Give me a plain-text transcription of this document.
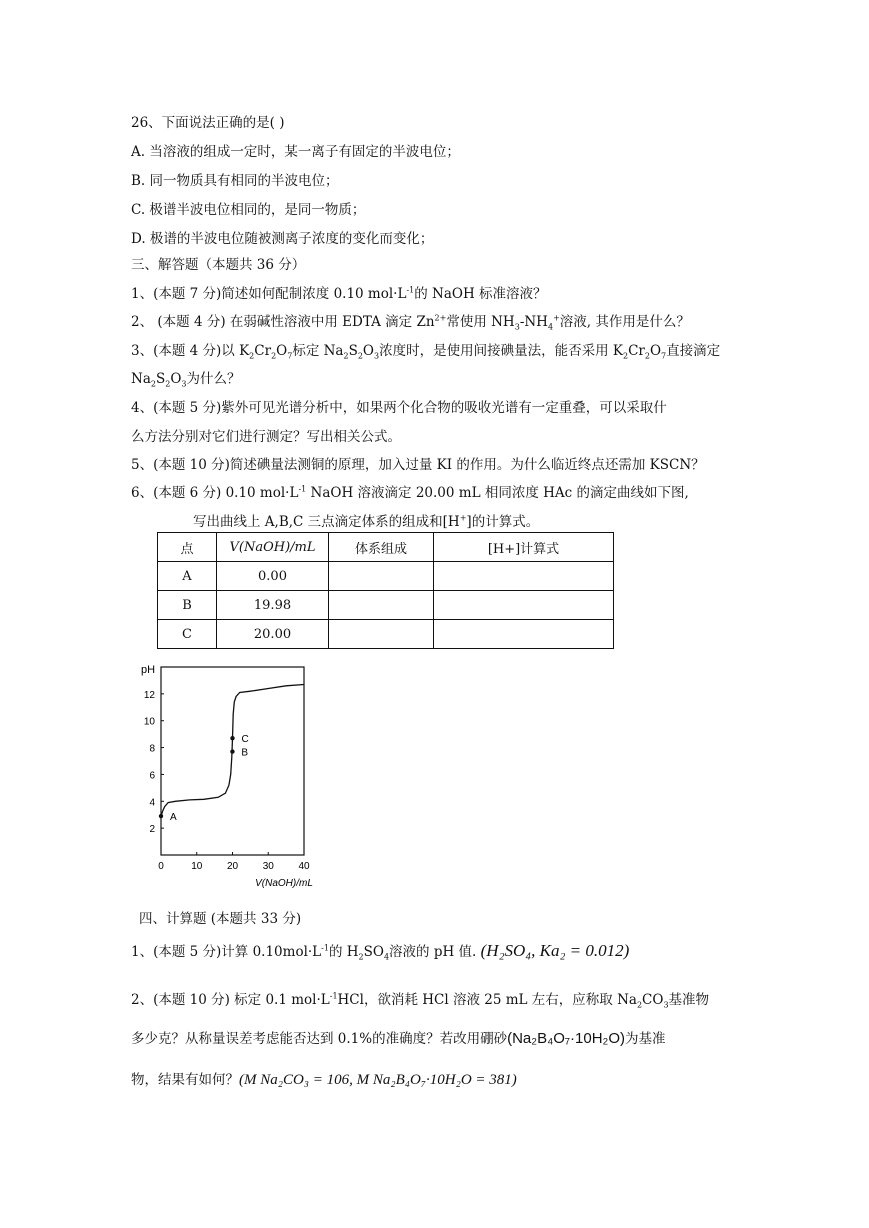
26、下面说法正确的是( )
A. 当溶液的组成一定时，某一离子有固定的半波电位；
B. 同一物质具有相同的半波电位；
C. 极谱半波电位相同的，是同一物质；
D. 极谱的半波电位随被测离子浓度的变化而变化；
三、解答题（本题共 36 分）
1、(本题 7 分)简述如何配制浓度 0.10 $mol\cdot L^{-1}$的 NaOH 标准溶液？
2、 (本题 4 分) 在弱碱性溶液中用 EDTA 滴定 $Zn^{2+}$常使用 $NH_3-NH_4^+$溶液, 其作用是什么？
3、(本题 4 分)以 $K_2Cr_2O_7$标定 $Na_2S_2O_3$浓度时，是使用间接碘量法，能否采用 $K_2Cr_2O_7$直接滴定
$Na_2S_2O_3$为什么？
4、(本题 5 分)紫外可见光谱分析中，如果两个化合物的吸收光谱有一定重叠，可以采取什
么方法分别对它们进行测定？写出相关公式。
5、(本题 10 分)简述碘量法测铜的原理，加入过量 KI 的作用。为什么临近终点还需加 KSCN？
6、(本题 6 分) 0.10 $mol\cdot L^{-1}$ NaOH 溶液滴定 20.00 mL 相同浓度 HAc 的滴定曲线如下图,
写出曲线上 A,B,C 三点滴定体系的组成和[H+]的计算式。
点	V(NaOH)/mL	体系组成	[H+]计算式
A	0.00		
B	19.98		
C	20.00		
2
4
6
8
10
12
0	10 20 30 40
A
B
C
pH
V(NaOH)/mL
四、计算题 (本题共 33 分)
1、(本题 5 分)计算 $0.10mol\cdot L^{-1}$的 $H_2SO_4$溶液的 pH 值. (H₂SO₄, Ka₂ = 0.012)
2、(本题 10 分) 标定 0.1 $mol\cdot L^{-1}HCl$，欲消耗 HCl 溶液 25 mL 左右，应称取 $Na_2CO_3$基准物
多少克？从称量误差考虑能否达到 0.1%的准确度？若改用硼砂(Na₂B₄O₇·10H₂O)为基准
物，结果有如何？(M Na₂CO₃ = 106, M Na₂B₄O₇·10H₂O = 381)
